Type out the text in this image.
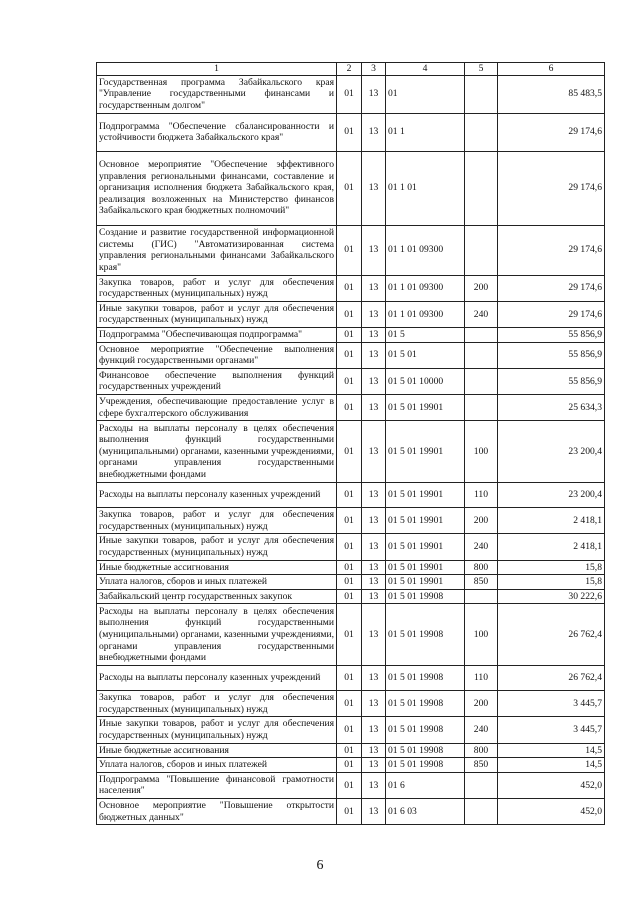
1	2	3	4	5	6
Государственная программа Забайкальского края "Управление государственными финансами и государственным долгом"	01	13	01		85 483,5
Подпрограмма "Обеспечение сбалансированности и устойчивости бюджета Забайкальского края"	01	13	01 1		29 174,6
Основное мероприятие "Обеспечение эффективного управления региональными финансами, составление и организация исполнения бюджета Забайкальского края, реализация возложенных на Министерство финансов Забайкальского края бюджетных полномочий"	01	13	01 1 01		29 174,6
Создание и развитие государственной информационной системы (ГИС) "Автоматизированная система управления региональными финансами Забайкальского края"	01	13	01 1 01 09300		29 174,6
Закупка товаров, работ и услуг для обеспечения государственных (муниципальных) нужд	01	13	01 1 01 09300	200	29 174,6
Иные закупки товаров, работ и услуг для обеспечения государственных (муниципальных) нужд	01	13	01 1 01 09300	240	29 174,6
Подпрограмма "Обеспечивающая подпрограмма"	01	13	01 5		55 856,9
Основное мероприятие "Обеспечение выполнения функций государственными органами"	01	13	01 5 01		55 856,9
Финансовое обеспечение выполнения функций государственных учреждений	01	13	01 5 01 10000		55 856,9
Учреждения, обеспечивающие предоставление услуг в сфере бухгалтерского обслуживания	01	13	01 5 01 19901		25 634,3
Расходы на выплаты персоналу в целях обеспечения выполнения функций государственными (муниципальными) органами, казенными учреждениями, органами управления государственными внебюджетными фондами	01	13	01 5 01 19901	100	23 200,4
Расходы на выплаты персоналу казенных учреждений	01	13	01 5 01 19901	110	23 200,4
Закупка товаров, работ и услуг для обеспечения государственных (муниципальных) нужд	01	13	01 5 01 19901	200	2 418,1
Иные закупки товаров, работ и услуг для обеспечения государственных (муниципальных) нужд	01	13	01 5 01 19901	240	2 418,1
Иные бюджетные ассигнования	01	13	01 5 01 19901	800	15,8
Уплата налогов, сборов и иных платежей	01	13	01 5 01 19901	850	15,8
Забайкальский центр государственных закупок	01	13	01 5 01 19908		30 222,6
Расходы на выплаты персоналу в целях обеспечения выполнения функций государственными (муниципальными) органами, казенными учреждениями, органами управления государственными внебюджетными фондами	01	13	01 5 01 19908	100	26 762,4
Расходы на выплаты персоналу казенных учреждений	01	13	01 5 01 19908	110	26 762,4
Закупка товаров, работ и услуг для обеспечения государственных (муниципальных) нужд	01	13	01 5 01 19908	200	3 445,7
Иные закупки товаров, работ и услуг для обеспечения государственных (муниципальных) нужд	01	13	01 5 01 19908	240	3 445,7
Иные бюджетные ассигнования	01	13	01 5 01 19908	800	14,5
Уплата налогов, сборов и иных платежей	01	13	01 5 01 19908	850	14,5
Подпрограмма "Повышение финансовой грамотности населения"	01	13	01 6		452,0
Основное мероприятие "Повышение открытости бюджетных данных"	01	13	01 6 03		452,0
6
